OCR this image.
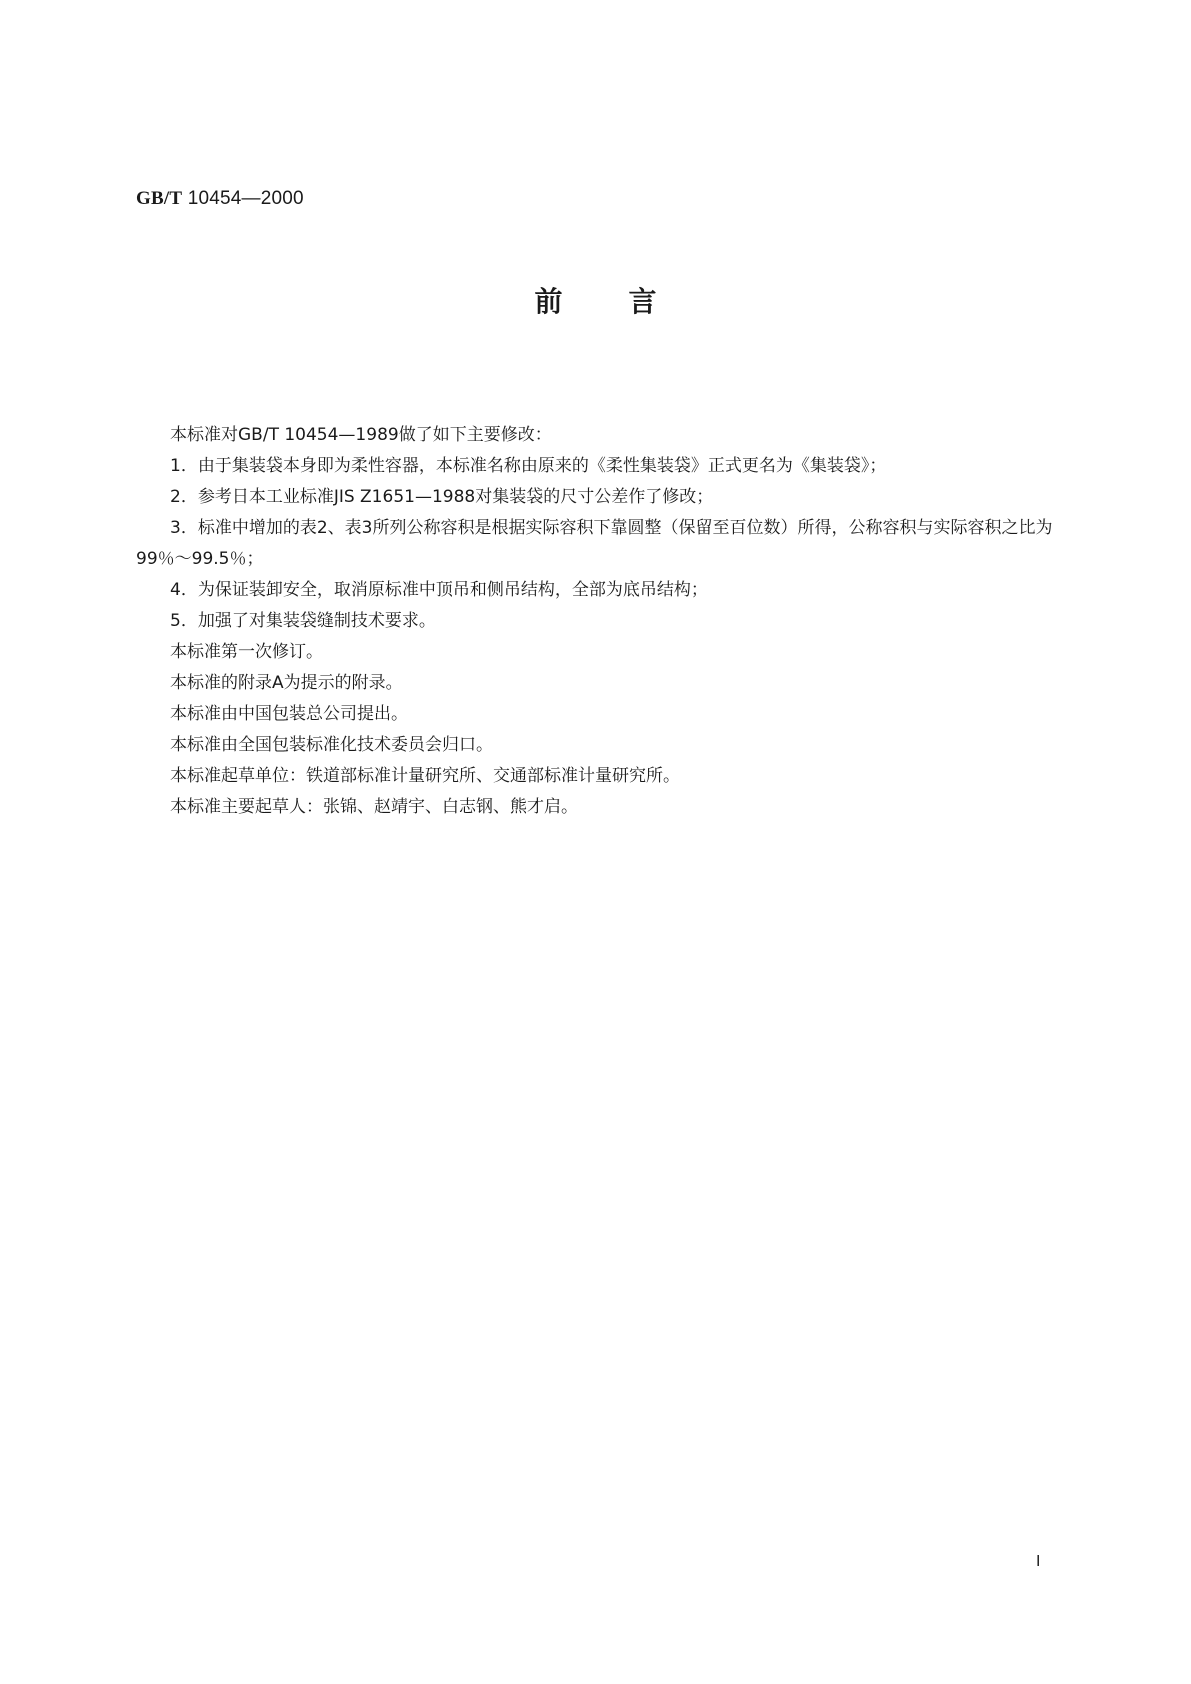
GB/T 10454—2000
前言

本标准对GB/T 10454—1989做了如下主要修改：

1．由于集装袋本身即为柔性容器，本标准名称由原来的《柔性集装袋》正式更名为《集装袋》；

2．参考日本工业标准JIS Z1651—1988对集装袋的尺寸公差作了修改；

3．标准中增加的表2、表3所列公称容积是根据实际容积下靠圆整（保留至百位数）所得，公称容积与实际容积之比为99％～99.5％；

4．为保证装卸安全，取消原标准中顶吊和侧吊结构，全部为底吊结构；

5．加强了对集装袋缝制技术要求。

本标准第一次修订。

本标准的附录A为提示的附录。

本标准由中国包装总公司提出。

本标准由全国包装标准化技术委员会归口。

本标准起草单位：铁道部标准计量研究所、交通部标准计量研究所。

本标准主要起草人：张锦、赵靖宇、白志钢、熊才启。

Ⅰ
